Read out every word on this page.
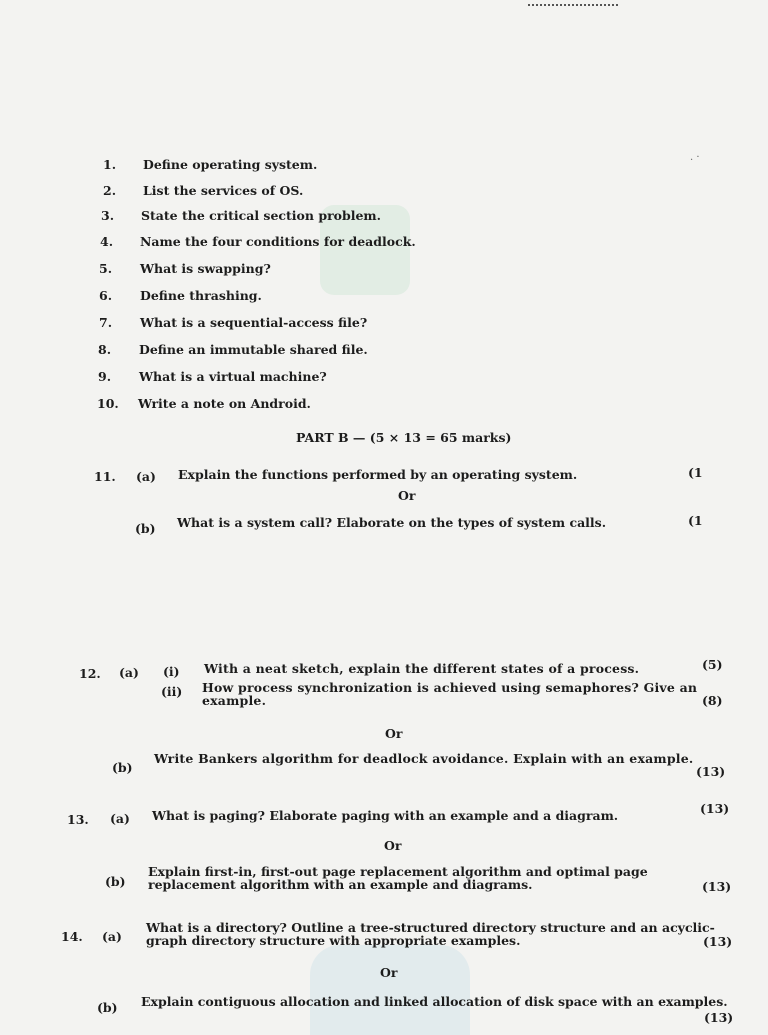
. ·
1. Define operating system.
2. List the services of OS.
3. State the critical section problem.
4. Name the four conditions for deadlock.
5. What is swapping?
6. Define thrashing.
7. What is a sequential-access file?
8. Define an immutable shared file.
9. What is a virtual machine?
10. Write a note on Android.
PART B — (5 × 13 = 65 marks)
11. (a) Explain the functions performed by an operating system.	(1
Or
(b) What is a system call? Elaborate on the types of system calls.	(1
12. (a) (i) With a neat sketch, explain the different states of a process.	(5)
(ii) How process synchronization is achieved using semaphores? Give an example.	(8)
Or
(b)
Write Bankers algorithm for deadlock avoidance. Explain with an example.
(13)
13. (a) What is paging? Elaborate paging with an example and a diagram.	(13)
Or
(b)
Explain first-in, first-out page replacement algorithm and optimal page replacement algorithm with an example and diagrams.	(13)
14. (a)
What is a directory? Outline a tree-structured directory structure and an acyclic-graph directory structure with appropriate examples.	(13)
Or
(b) Explain contiguous allocation and linked allocation of disk space with an examples.
(13)
